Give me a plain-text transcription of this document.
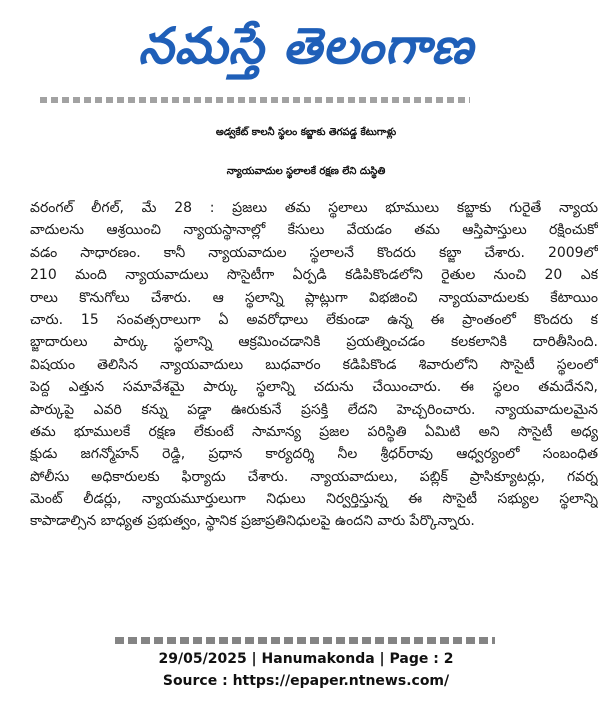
నమస్తే తెలంగాణ
అడ్వకేట్ కాలనీ స్థలం కబ్జాకు తెగపడ్డ కేటుగాళ్లు
న్యాయవాదుల స్థలాలకే రక్షణ లేని దుస్థితి
వరంగల్ లీగల్, మే 28 : ప్రజలు తమ స్థలాలు భూములు కబ్జాకు గురైతే న్యాయ
వాదులను ఆశ్రయించి న్యాయస్థానాల్లో కేసులు వేయడం తమ ఆస్తిపాస్తులు రక్షించుకో
వడం సాధారణం. కానీ న్యాయవాదుల స్థలాలనే కొందరు కబ్జా చేశారు. 2009లో
210 మంది న్యాయవాదులు సొసైటీగా ఏర్పడి కడిపికొండలోని రైతుల నుంచి 20 ఎక
రాలు కొనుగోలు చేశారు. ఆ స్థలాన్ని ప్లాట్లుగా విభజించి న్యాయవాదులకు కేటాయిం
చారు. 15 సంవత్సరాలుగా ఏ అవరోధాలు లేకుండా ఉన్న ఈ ప్రాంతంలో కొందరు క
బ్జాదారులు పార్కు స్థలాన్ని ఆక్రమించడానికి ప్రయత్నించడం కలకలానికి దారితీసింది.
విషయం తెలిసిన న్యాయవాదులు బుధవారం కడిపికొండ శివారులోని సొసైటీ స్థలంలో
పెద్ద ఎత్తున సమావేశమై పార్కు స్థలాన్ని చదును చేయించారు. ఈ స్థలం తమదేనని,
పార్కుపై ఎవరి కన్ను పడ్డా ఊరుకునే ప్రసక్తి లేదని హెచ్చరించారు. న్యాయవాదులమైన
తమ భూములకే రక్షణ లేకుంటే సామాన్య ప్రజల పరిస్థితి ఏమిటి అని సొసైటీ అధ్య
క్షుడు జగన్మోహన్ రెడ్డి, ప్రధాన కార్యదర్శి నీల శ్రీధర్‌రావు ఆధ్వర్యంలో సంబంధిత
పోలీసు అధికారులకు ఫిర్యాదు చేశారు. న్యాయవాదులు, పబ్లిక్ ప్రాసిక్యూటర్లు, గవర్న
మెంట్ లీడర్లు, న్యాయమూర్తులుగా నిధులు నిర్వర్తిస్తున్న ఈ సొసైటీ సభ్యుల స్థలాన్ని
కాపాడాల్సిన బాధ్యత ప్రభుత్వం, స్థానిక ప్రజాప్రతినిధులపై ఉందని వారు పేర్కొన్నారు.
29/05/2025 | Hanumakonda | Page : 2
Source : https://epaper.ntnews.com/
